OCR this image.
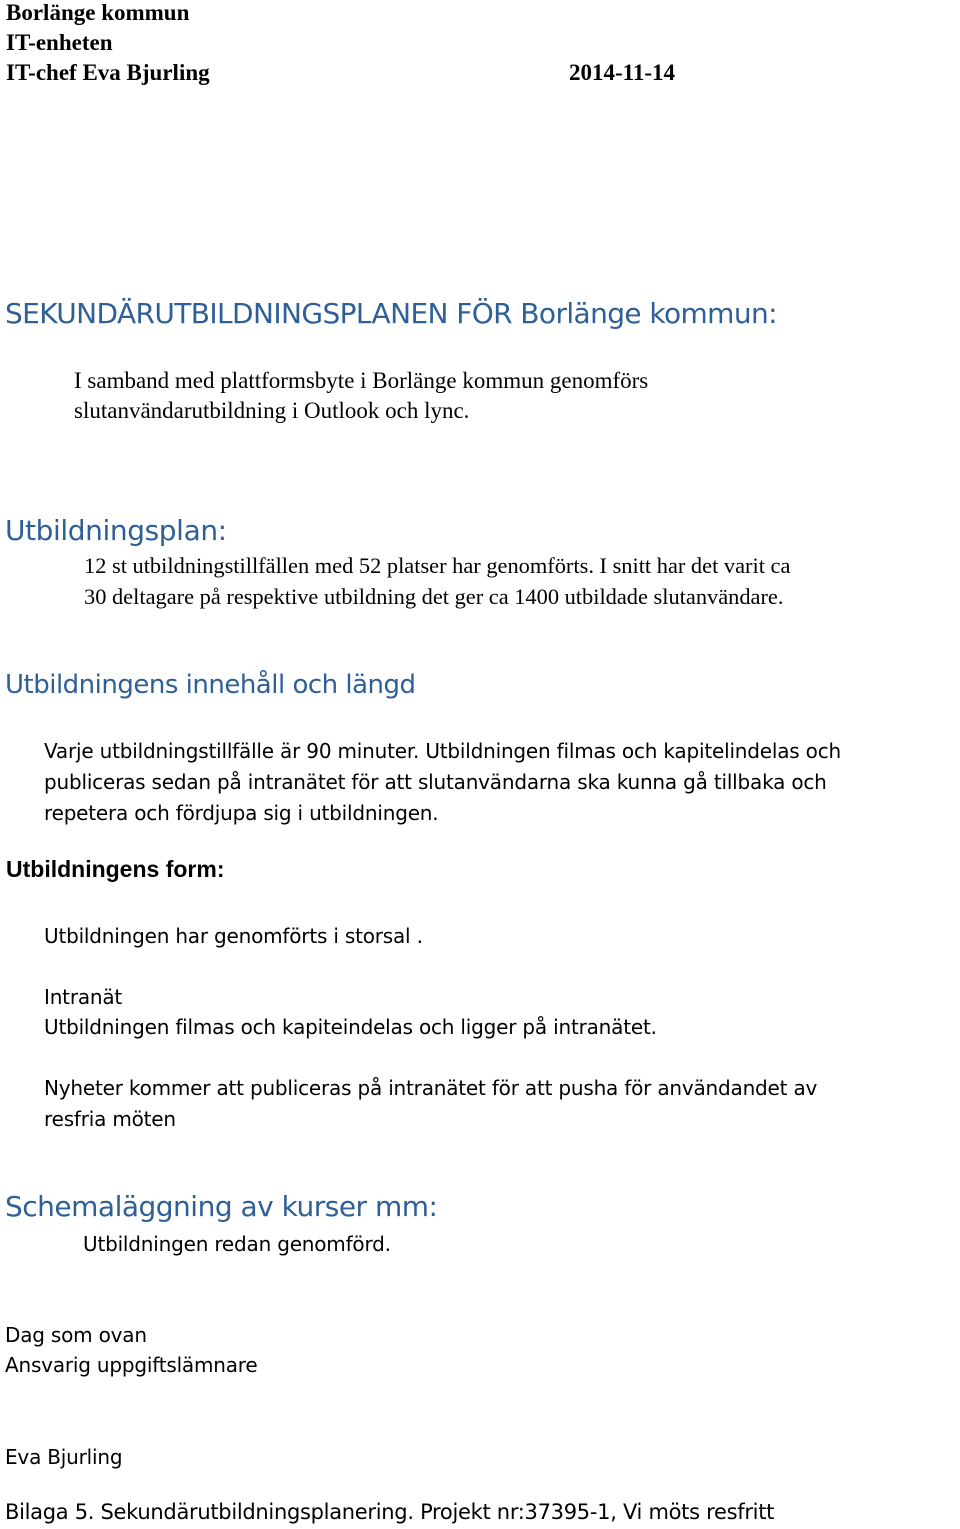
Borlänge kommun
IT-enheten
IT-chef Eva Bjurling	2014-11-14
SEKUNDÄRUTBILDNINGSPLANEN FÖR Borlänge kommun:
I samband med plattformsbyte i Borlänge kommun genomförs
slutanvändarutbildning i Outlook och lync.
Utbildningsplan:
12 st utbildningstillfällen med 52 platser har genomförts. I snitt har det varit ca
30 deltagare på respektive utbildning det ger ca 1400 utbildade slutanvändare.
Utbildningens innehåll och längd
Varje utbildningstillfälle är 90 minuter. Utbildningen filmas och kapitelindelas och
publiceras sedan på intranätet för att slutanvändarna ska kunna gå tillbaka och
repetera och fördjupa sig i utbildningen.
Utbildningens form:
Utbildningen har genomförts i storsal .
Intranät
Utbildningen filmas och kapiteindelas och ligger på intranätet.
Nyheter kommer att publiceras på intranätet för att pusha för användandet av
resfria möten
Schemaläggning av kurser mm:
Utbildningen redan genomförd.
Dag som ovan
Ansvarig uppgiftslämnare
Eva Bjurling
Bilaga 5. Sekundärutbildningsplanering. Projekt nr:37395-1, Vi möts resfritt
